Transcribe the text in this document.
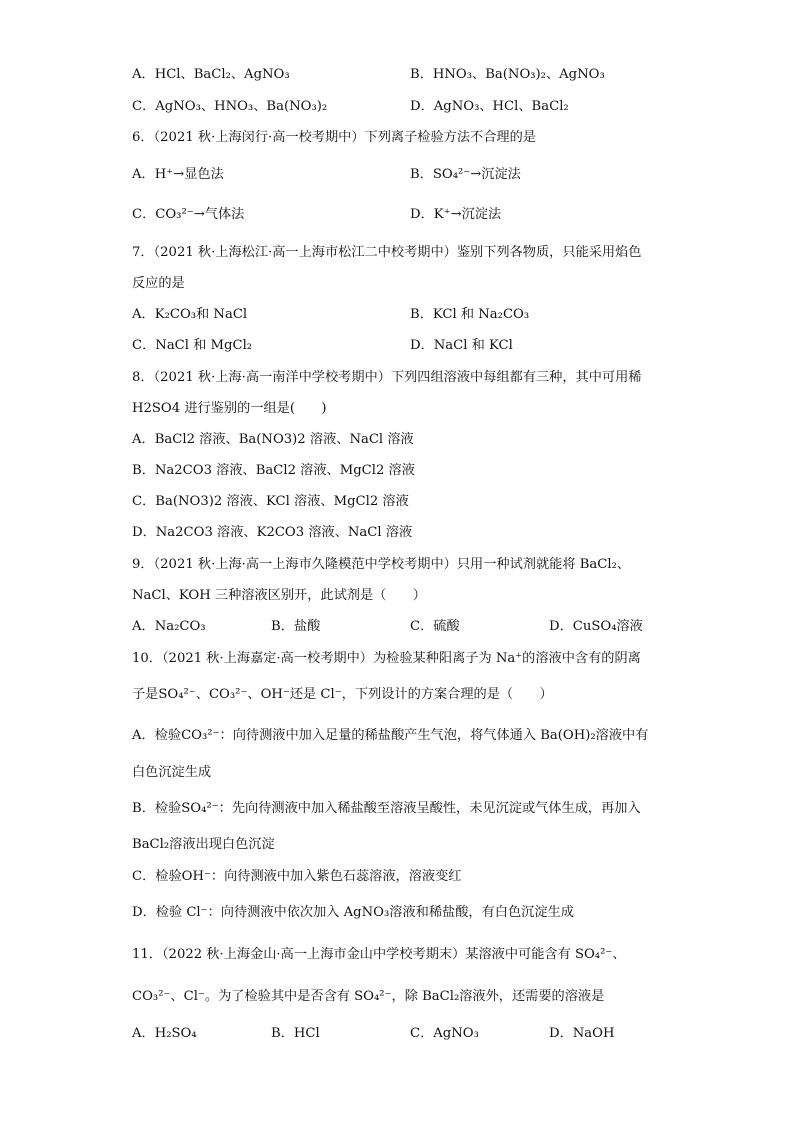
A．HCl、BaCl₂、AgNO₃	B．HNO₃、Ba(NO₃)₂、AgNO₃
C．AgNO₃、HNO₃、Ba(NO₃)₂	D．AgNO₃、HCl、BaCl₂
6．（2021 秋·上海闵行·高一校考期中）下列离子检验方法不合理的是
A．H⁺→显色法	B．SO₄²⁻→沉淀法
C．CO₃²⁻→气体法	D．K⁺→沉淀法
7．（2021 秋·上海松江·高一上海市松江二中校考期中）鉴别下列各物质，只能采用焰色
反应的是
A．K₂CO₃和 NaCl	B．KCl 和 Na₂CO₃
C．NaCl 和 MgCl₂	D．NaCl 和 KCl
8．（2021 秋·上海·高一南洋中学校考期中）下列四组溶液中每组都有三种，其中可用稀
H2SO4 进行鉴别的一组是(　　)
A．BaCl2 溶液、Ba(NO3)2 溶液、NaCl 溶液
B．Na2CO3 溶液、BaCl2 溶液、MgCl2 溶液
C．Ba(NO3)2 溶液、KCl 溶液、MgCl2 溶液
D．Na2CO3 溶液、K2CO3 溶液、NaCl 溶液
9．（2021 秋·上海·高一上海市久隆模范中学校考期中）只用一种试剂就能将 BaCl₂、
NaCl、KOH 三种溶液区别开，此试剂是（　　）
A．Na₂CO₃	B．盐酸	C．硫酸	D．CuSO₄溶液
10．（2021 秋·上海嘉定·高一校考期中）为检验某种阳离子为 Na⁺的溶液中含有的阴离
子是SO₄²⁻、CO₃²⁻、OH⁻还是 Cl⁻，下列设计的方案合理的是（　　）
A．检验CO₃²⁻：向待测液中加入足量的稀盐酸产生气泡，将气体通入 Ba(OH)₂溶液中有
白色沉淀生成
B．检验SO₄²⁻：先向待测液中加入稀盐酸至溶液呈酸性，未见沉淀或气体生成，再加入
BaCl₂溶液出现白色沉淀
C．检验OH⁻：向待测液中加入紫色石蕊溶液，溶液变红
D．检验 Cl⁻：向待测液中依次加入 AgNO₃溶液和稀盐酸，有白色沉淀生成
11．（2022 秋·上海金山·高一上海市金山中学校考期末）某溶液中可能含有 SO₄²⁻、
CO₃²⁻、Cl⁻。为了检验其中是否含有 SO₄²⁻，除 BaCl₂溶液外，还需要的溶液是
A．H₂SO₄	B．HCl	C．AgNO₃	D．NaOH
